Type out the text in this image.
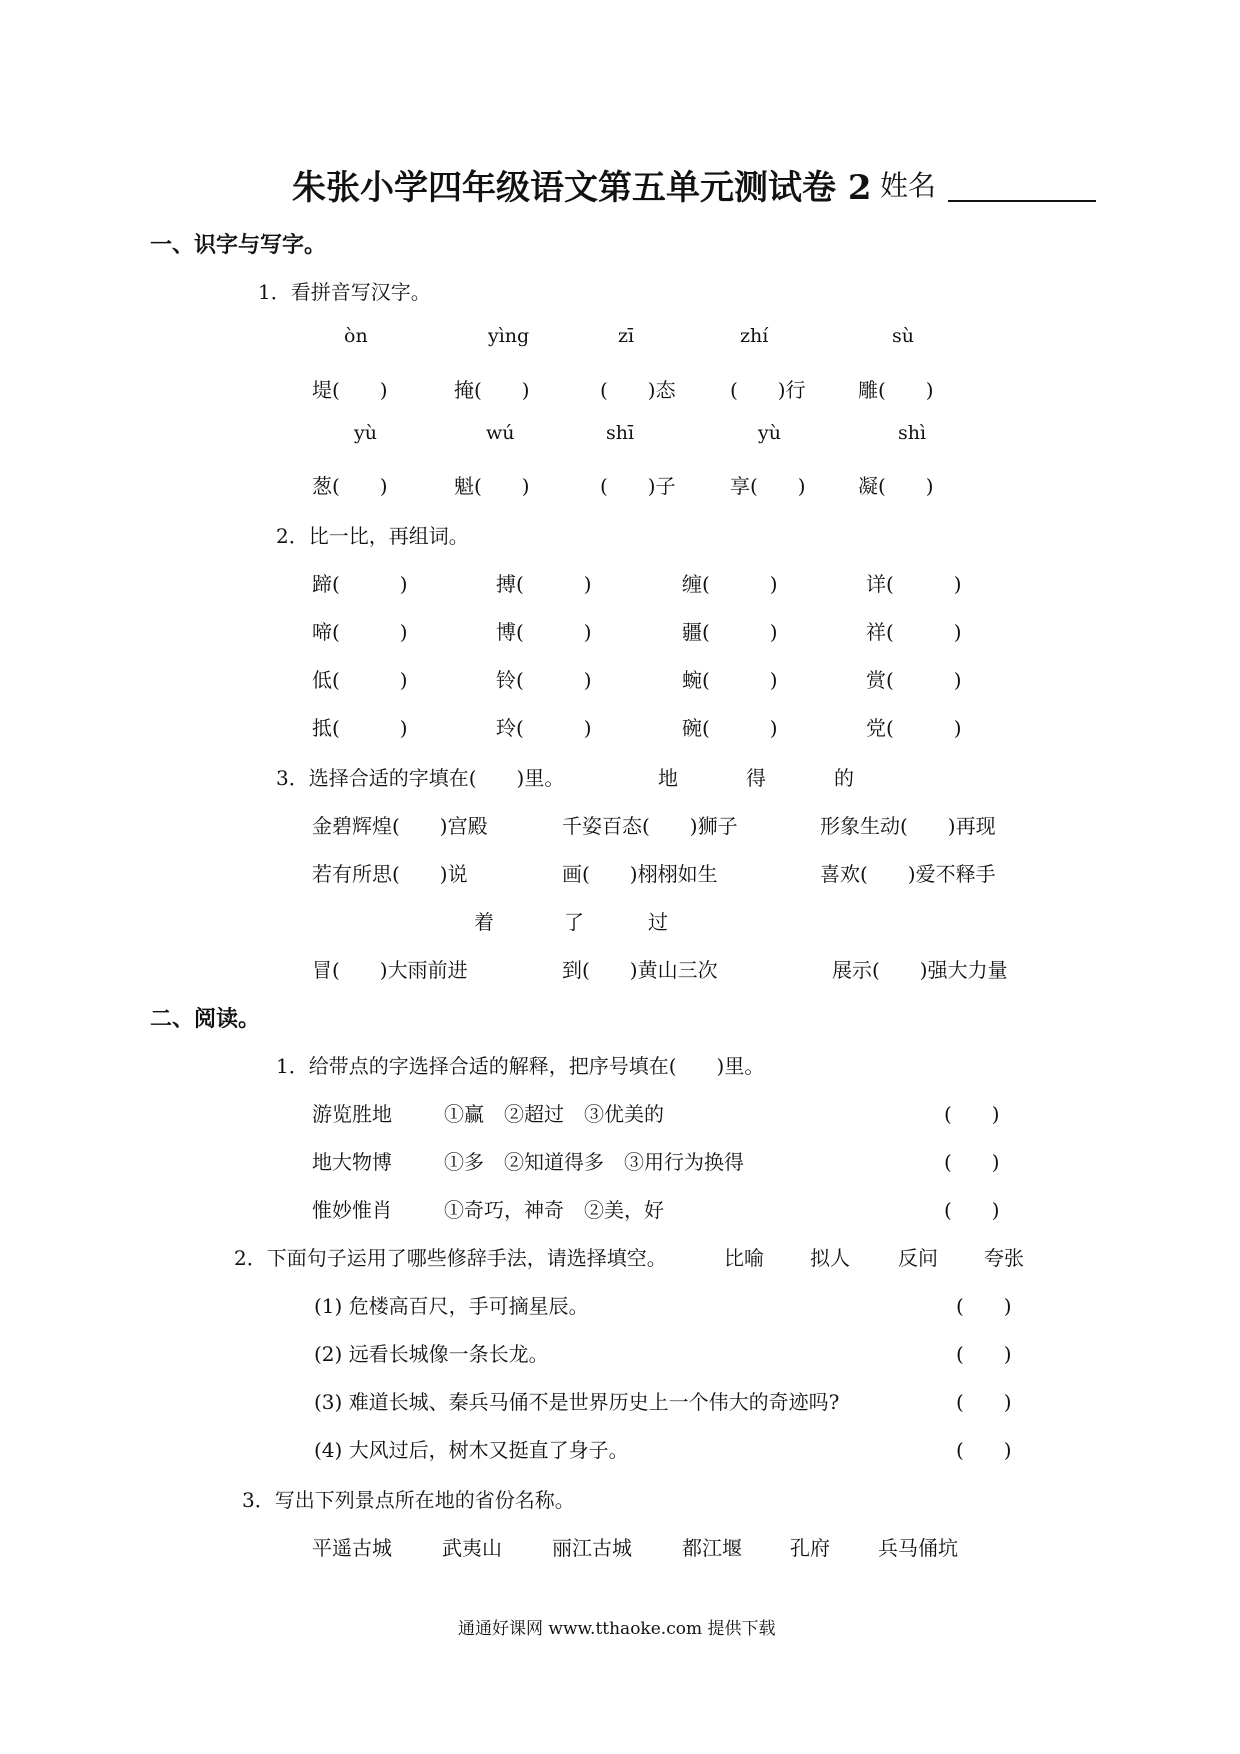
朱张小学四年级语文第五单元测试卷 2 姓名
一、识字与写字。
1．看拼音写汉字。
òn	yìng	zī	zhí	sù
堤(　　)	掩(　　)	(　　)态	(　　)行	雕(　　)
yù	wú	shī	yù	shì
葱(　　)	魁(　　)	(　　)子	享(　　)	凝(　　)
2．比一比，再组词。
蹄(　　　)	搏(　　　)	缠(　　　)	详(　　　)
啼(　　　)	博(　　　)	疆(　　　)	祥(　　　)
低(　　　)	铃(　　　)	蜿(　　　)	赏(　　　)
抵(　　　)	玲(　　　)	碗(　　　)	党(　　　)
3．选择合适的字填在(　　)里。	地	得	的
金碧辉煌(　　)宫殿	千姿百态(　　)狮子	形象生动(　　)再现
若有所思(　　)说	画(　　)栩栩如生	喜欢(　　)爱不释手
着	了	过
冒(　　)大雨前进	到(　　)黄山三次	展示(　　)强大力量
二、阅读。
1．给带点的字选择合适的解释，把序号填在(　　)里。
游览胜地	①赢　②超过　③优美的	(　　)
地大物博	①多　②知道得多　③用行为换得	(　　)
惟妙惟肖	①奇巧，神奇　②美，好	(　　)
2．下面句子运用了哪些修辞手法，请选择填空。	比喻 拟人 反问 夸张
(1) 危楼高百尺，手可摘星辰。	(　　)
(2) 远看长城像一条长龙。	(　　)
(3) 难道长城、秦兵马俑不是世界历史上一个伟大的奇迹吗?	(　　)
(4) 大风过后，树木又挺直了身子。	(　　)
3．写出下列景点所在地的省份名称。
平遥古城	武夷山	丽江古城	都江堰 孔府 兵马俑坑
通通好课网 www.tthaoke.com 提供下载
